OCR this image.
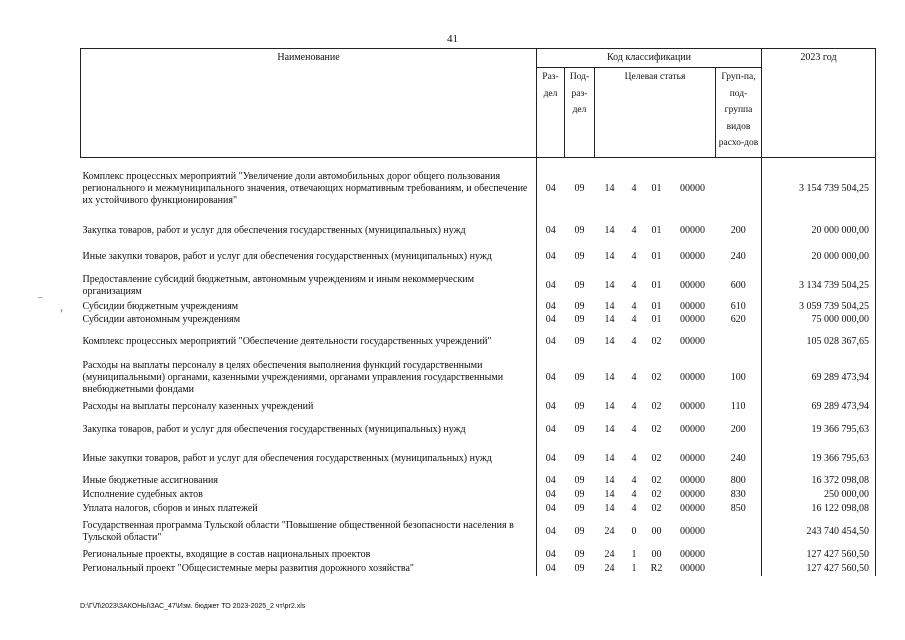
41
Наименование	Код классификации							2023 год
	Раз-дел	Под-раз-дел	Целевая статья				Груп-па, под-группа видов расхо-дов	
Комплекс процессных мероприятий "Увеличение доли автомобильных дорог общего пользования регионального и межмуниципального значения, отвечающих нормативным требованиям, и обеспечение их устойчивого функционирования"	04	09	14	4	01	00000		3 154 739 504,25
Закупка товаров, работ и услуг для обеспечения государственных (муниципальных) нужд	04	09	14	4	01	00000	200	20 000 000,00
Иные закупки товаров, работ и услуг для обеспечения государственных (муниципальных) нужд	04	09	14	4	01	00000	240	20 000 000,00
Предоставление субсидий бюджетным, автономным учреждениям и иным некоммерческим организациям	04	09	14	4	01	00000	600	3 134 739 504,25
Субсидии бюджетным учреждениям	04	09	14	4	01	00000	610	3 059 739 504,25
Субсидии автономным учреждениям	04	09	14	4	01	00000	620	75 000 000,00
Комплекс процессных мероприятий "Обеспечение деятельности государственных учреждений"	04	09	14	4	02	00000		105 028 367,65
Расходы на выплаты персоналу в целях обеспечения выполнения функций государственными (муниципальными) органами, казенными учреждениями, органами управления государственными внебюджетными фондами	04	09	14	4	02	00000	100	69 289 473,94
Расходы на выплаты персоналу казенных учреждений	04	09	14	4	02	00000	110	69 289 473,94
Закупка товаров, работ и услуг для обеспечения государственных (муниципальных) нужд	04	09	14	4	02	00000	200	19 366 795,63
Иные закупки товаров, работ и услуг для обеспечения государственных (муниципальных) нужд	04	09	14	4	02	00000	240	19 366 795,63
Иные бюджетные ассигнования	04	09	14	4	02	00000	800	16 372 098,08
Исполнение судебных актов	04	09	14	4	02	00000	830	250 000,00
Уплата налогов, сборов и иных платежей	04	09	14	4	02	00000	850	16 122 098,08
Государственная программа Тульской области "Повышение общественной безопасности населения в Тульской области"	04	09	24	0	00	00000		243 740 454,50
Региональные проекты, входящие в состав национальных проектов	04	09	24	1	00	00000		127 427 560,50
Региональный проект "Общесистемные меры развития дорожного хозяйства"	04	09	24	1	R2	00000		127 427 560,50
–
›
D:\Г\Л\2023\ЗАКОНЫ\ЗАС_47\Изм. бюджет ТО 2023-2025_2 чт\pr2.xls
